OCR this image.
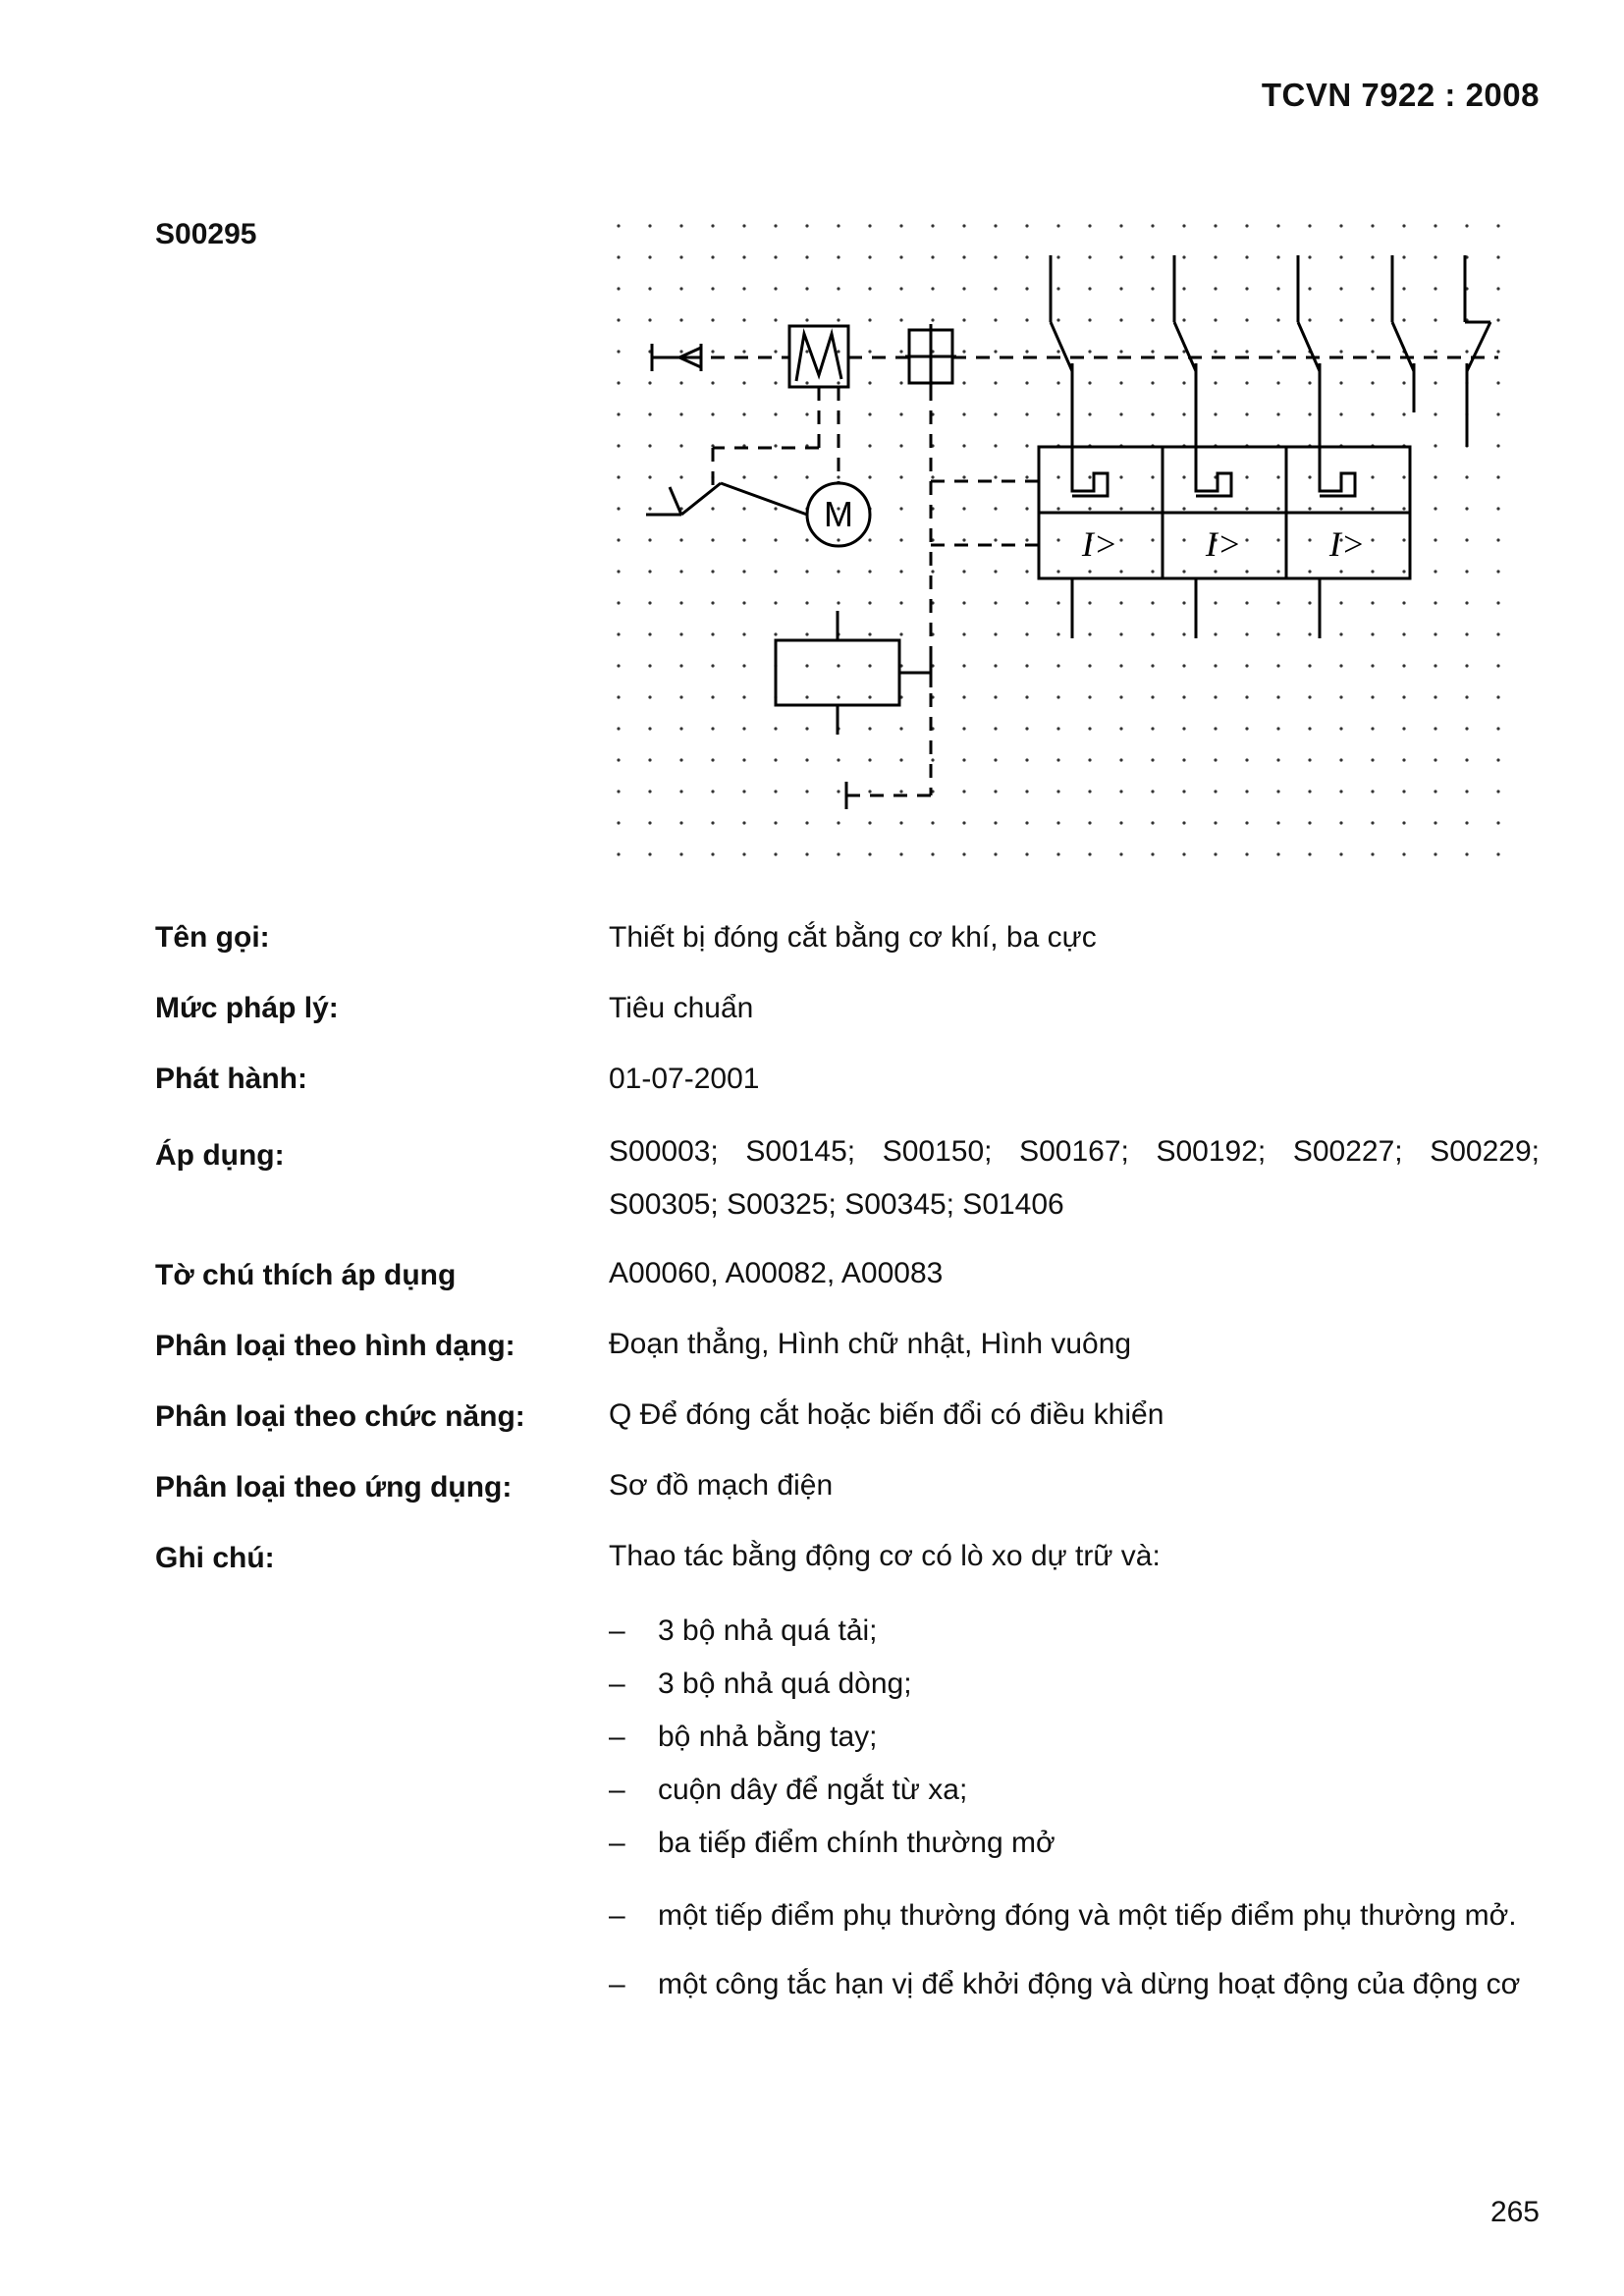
TCVN 7922 : 2008
S00295
M
I> I> I>
Tên gọi:	Thiết bị đóng cắt bằng cơ khí, ba cực
Mức pháp lý:	Tiêu chuẩn
Phát hành:	01-07-2001
Áp dụng:	S00003; S00145; S00150; S00167; S00192; S00227; S00229;
S00305; S00325; S00345; S01406
Tờ chú thích áp dụng	A00060, A00082, A00083
Phân loại theo hình dạng:	Đoạn thẳng, Hình chữ nhật, Hình vuông
Phân loại theo chức năng:	Q Để đóng cắt hoặc biến đổi có điều khiển
Phân loại theo ứng dụng:	Sơ đồ mạch điện
Ghi chú:	Thao tác bằng động cơ có lò xo dự trữ và:
– 3 bộ nhả quá tải;
– 3 bộ nhả quá dòng;
– bộ nhả bằng tay;
– cuộn dây để ngắt từ xa;
– ba tiếp điểm chính thường mở
– một tiếp điểm phụ thường đóng và một tiếp điểm phụ thường mở.
– một công tắc hạn vị để khởi động và dừng hoạt động của động cơ
265
